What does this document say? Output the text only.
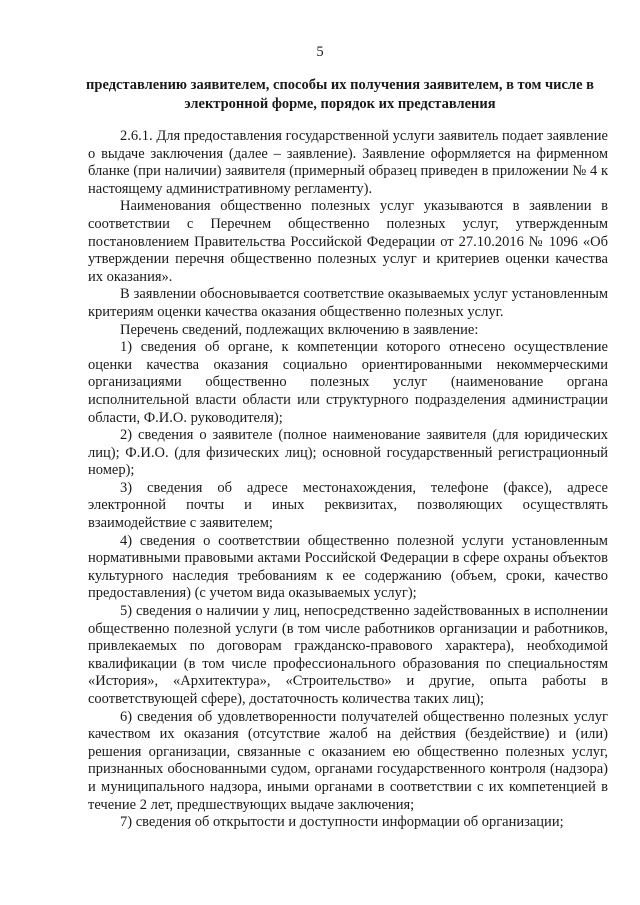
5
представлению заявителем, способы их получения заявителем, в том числе в электронной форме, порядок их представления

2.6.1. Для предоставления государственной услуги заявитель подает заявление о выдаче заключения (далее – заявление). Заявление оформляется на фирменном бланке (при наличии) заявителя (примерный образец приведен в приложении № 4 к настоящему административному регламенту).

Наименования общественно полезных услуг указываются в заявлении в соответствии с Перечнем общественно полезных услуг, утвержденным постановлением Правительства Российской Федерации от 27.10.2016 № 1096 «Об утверждении перечня общественно полезных услуг и критериев оценки качества их оказания».

В заявлении обосновывается соответствие оказываемых услуг установленным критериям оценки качества оказания общественно полезных услуг.

Перечень сведений, подлежащих включению в заявление:

1) сведения об органе, к компетенции которого отнесено осуществление оценки качества оказания социально ориентированными некоммерческими организациями общественно полезных услуг (наименование органа исполнительной власти области или структурного подразделения администрации области, Ф.И.О. руководителя);

2) сведения о заявителе (полное наименование заявителя (для юридических лиц); Ф.И.О. (для физических лиц); основной государственный регистрационный номер);

3) сведения об адресе местонахождения, телефоне (факсе), адресе электронной почты и иных реквизитах, позволяющих осуществлять взаимодействие с заявителем;

4) сведения о соответствии общественно полезной услуги установленным нормативными правовыми актами Российской Федерации в сфере охраны объектов культурного наследия требованиям к ее содержанию (объем, сроки, качество предоставления) (с учетом вида оказываемых услуг);

5) сведения о наличии у лиц, непосредственно задействованных в исполнении общественно полезной услуги (в том числе работников организации и работников, привлекаемых по договорам гражданско-правового характера), необходимой квалификации (в том числе профессионального образования по специальностям «История», «Архитектура», «Строительство» и другие, опыта работы в соответствующей сфере), достаточность количества таких лиц);

6) сведения об удовлетворенности получателей общественно полезных услуг качеством их оказания (отсутствие жалоб на действия (бездействие) и (или) решения организации, связанные с оказанием ею общественно полезных услуг, признанных обоснованными судом, органами государственного контроля (надзора) и муниципального надзора, иными органами в соответствии с их компетенцией в течение 2 лет, предшествующих выдаче заключения;

7) сведения об открытости и доступности информации об организации;
